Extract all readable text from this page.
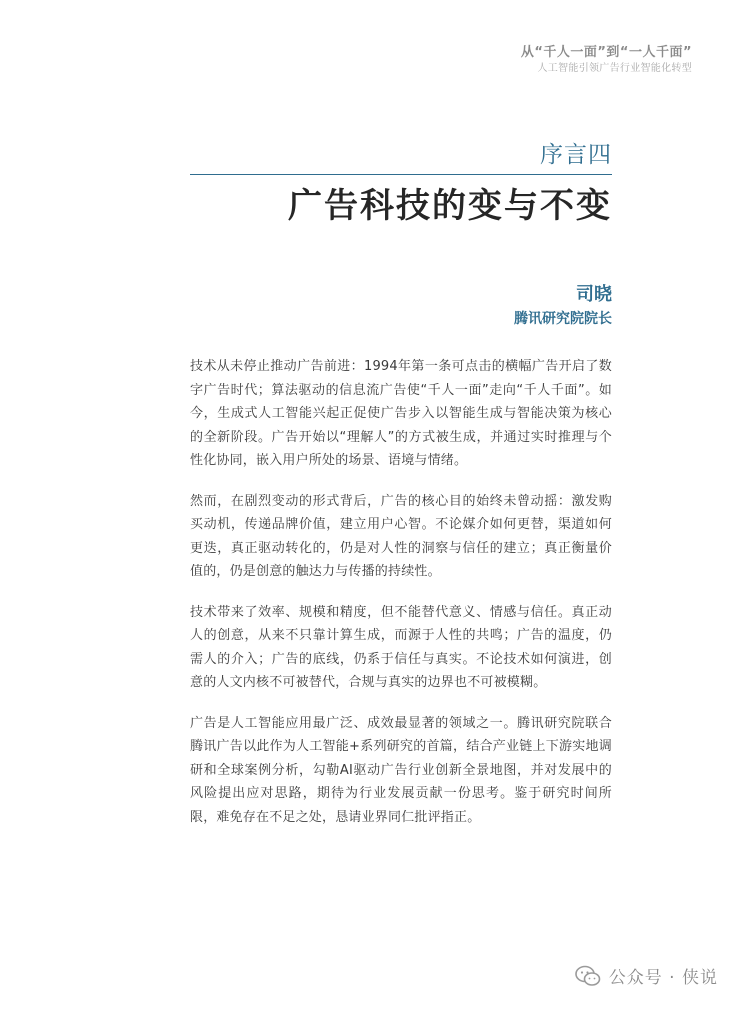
从“千人一面”到“一人千面”
人工智能引领广告行业智能化转型
序言四
广告科技的变与不变
司晓
腾讯研究院院长

技术从未停止推动广告前进：1994年第一条可点击的横幅广告开启了数字广告时代；算法驱动的信息流广告使“千人一面”走向“千人千面”。如今，生成式人工智能兴起正促使广告步入以智能生成与智能决策为核心的全新阶段。广告开始以“理解人”的方式被生成，并通过实时推理与个性化协同，嵌入用户所处的场景、语境与情绪。

然而，在剧烈变动的形式背后，广告的核心目的始终未曾动摇：激发购买动机，传递品牌价值，建立用户心智。不论媒介如何更替，渠道如何更迭，真正驱动转化的，仍是对人性的洞察与信任的建立；真正衡量价值的，仍是创意的触达力与传播的持续性。

技术带来了效率、规模和精度，但不能替代意义、情感与信任。真正动人的创意，从来不只靠计算生成，而源于人性的共鸣；广告的温度，仍需人的介入；广告的底线，仍系于信任与真实。不论技术如何演进，创意的人文内核不可被替代，合规与真实的边界也不可被模糊。

广告是人工智能应用最广泛、成效最显著的领域之一。腾讯研究院联合腾讯广告以此作为人工智能+系列研究的首篇，结合产业链上下游实地调研和全球案例分析，勾勒AI驱动广告行业创新全景地图，并对发展中的风险提出应对思路，期待为行业发展贡献一份思考。鉴于研究时间所限，难免存在不足之处，恳请业界同仁批评指正。

公众号 · 侠说
